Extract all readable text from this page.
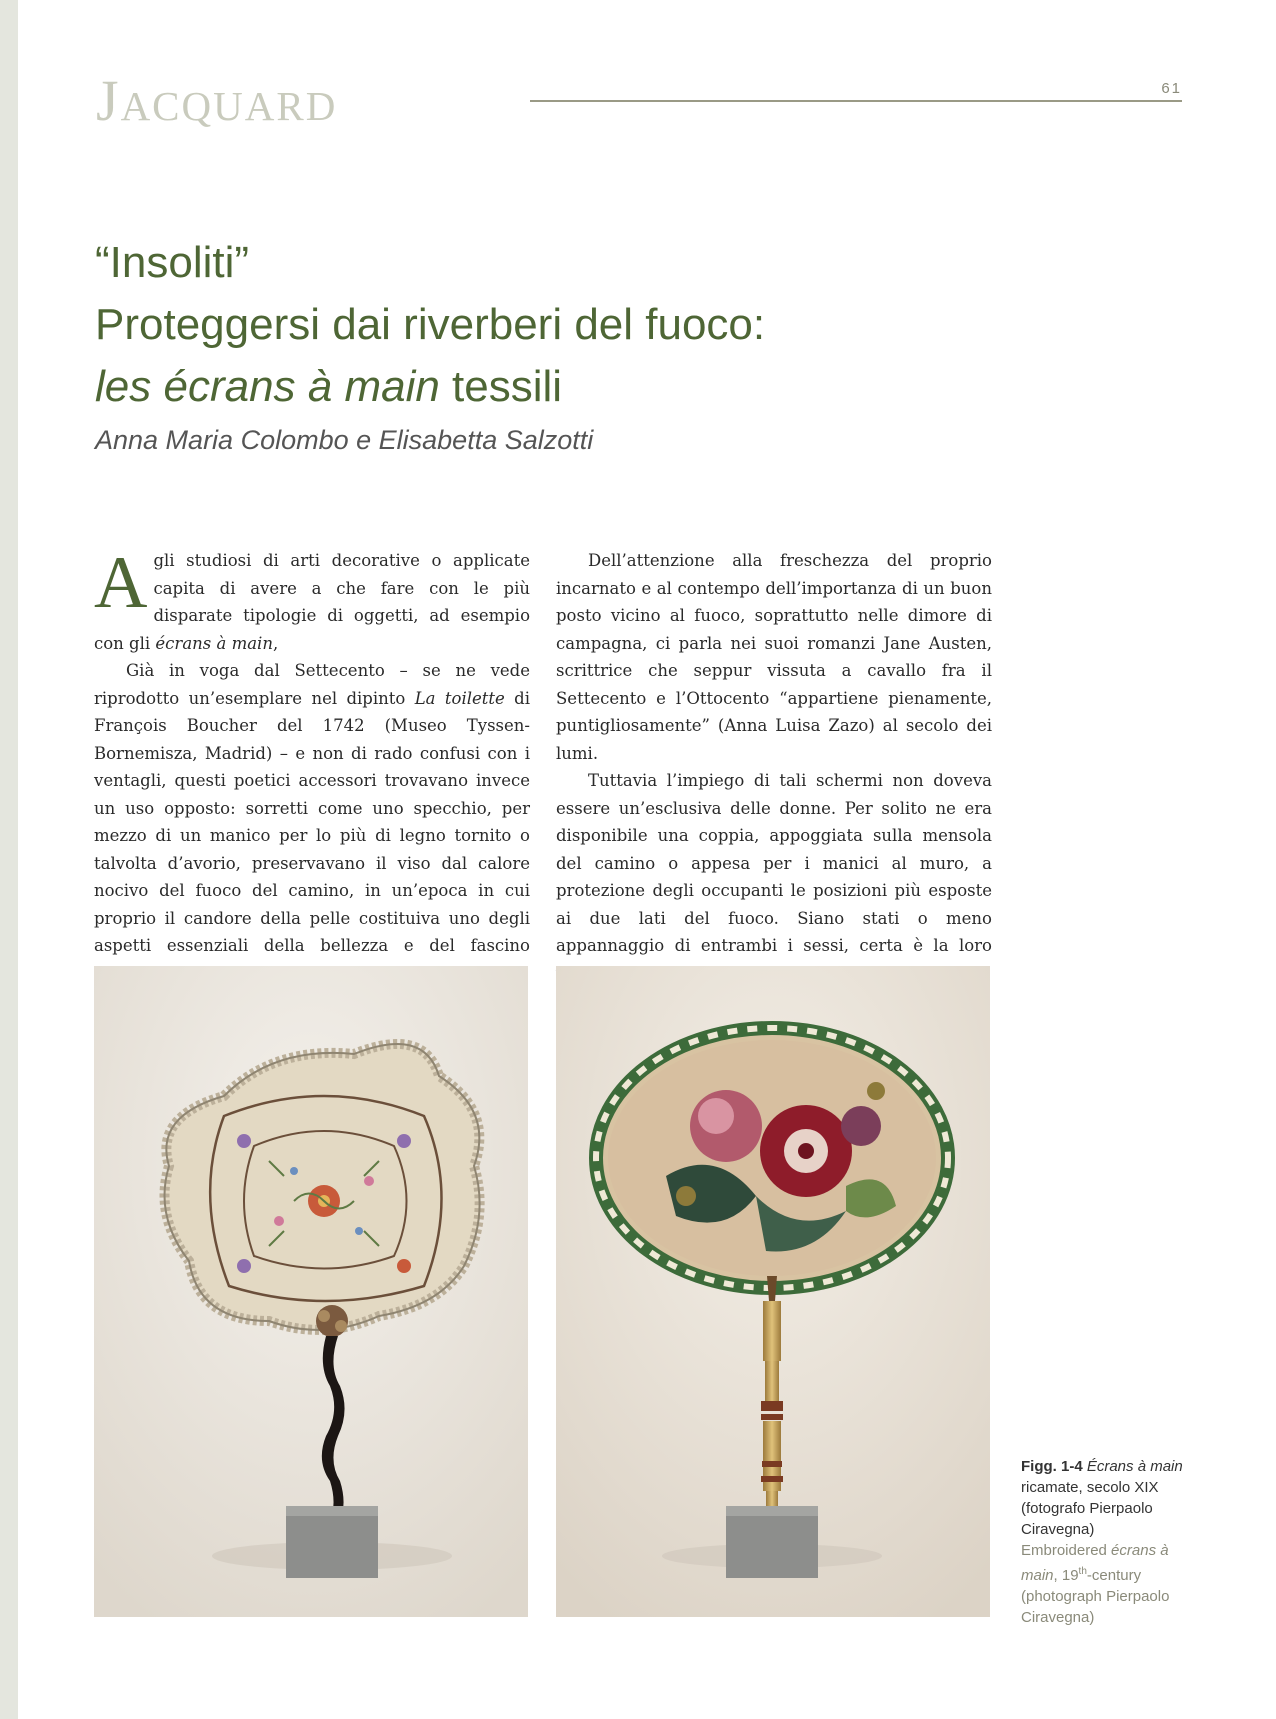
Jacquard	61
“Insoliti”
Proteggersi dai riverberi del fuoco:
les écrans à main tessili
Anna Maria Colombo e Elisabetta Salzotti

Agli studiosi di arti decorative o applicate capita di avere a che fare con le più disparate tipologie di oggetti, ad esempio con gli écrans à main,

Già in voga dal Settecento – se ne vede riprodotto un’esemplare nel dipinto La toilette di François Boucher del 1742 (Museo Tyssen-Bornemisza, Madrid) – e non di rado confusi con i ventagli, questi poetici accessori trovavano invece un uso opposto: sorretti come uno specchio, per mezzo di un manico per lo più di legno tornito o talvolta d’avorio, preservavano il viso dal calore nocivo del fuoco del camino, in un’epoca in cui proprio il candore della pelle costituiva uno degli aspetti essenziali della bellezza e del fascino

Dell’attenzione alla freschezza del proprio incarnato e al contempo dell’importanza di un buon posto vicino al fuoco, soprattutto nelle dimore di campagna, ci parla nei suoi romanzi Jane Austen, scrittrice che seppur vissuta a cavallo fra il Settecento e l’Ottocento “appartiene pienamente, puntigliosamente” (Anna Luisa Zazo) al secolo dei lumi.

Tuttavia l’impiego di tali schermi non doveva essere un’esclusiva delle donne. Per solito ne era disponibile una coppia, appoggiata sulla mensola del camino o appesa per i manici al muro, a protezione degli occupanti le posizioni più esposte ai due lati del fuoco. Siano stati o meno appannaggio di entrambi i sessi, certa è la loro

Figg. 1-4 Écrans à main ricamate, secolo XIX (fotografo Pierpaolo Ciravegna)
Embroidered écrans à main, 19th-century (photograph Pierpaolo Ciravegna)
